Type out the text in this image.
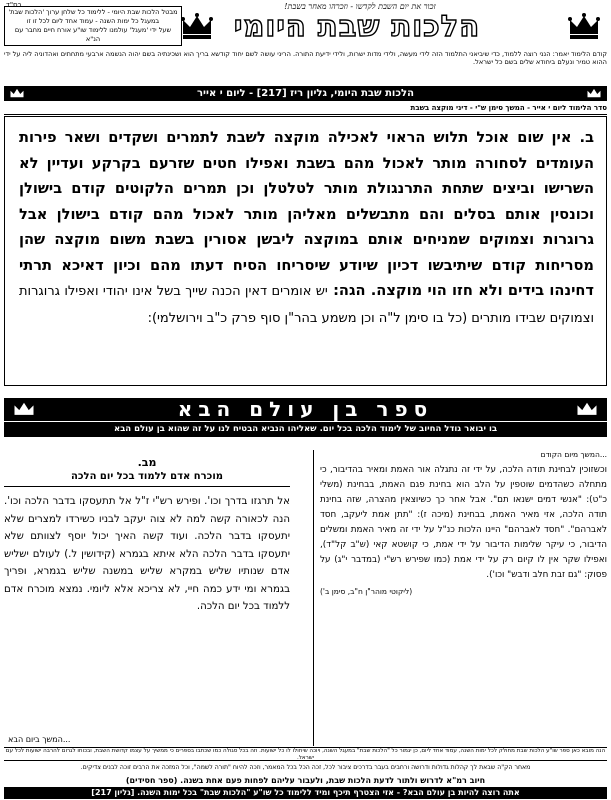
בס"ד	זכור את יום השבת לקדשו - וזכרהו מאחר בשבת!
הלכות שבת היומי
מבטל הלכות שבת היומי - ללימוד כל שלחן ערוך 'הלכות שבת'
במעגל כל ימות השנה - עמוד אחד ליום לכל זו זו
שעל ידי 'מעגל' עולמנו ללימוד שו"ע אורח חיים מחבר עם הנ"א
קודם הלימוד יאמר: הנני רוצה ללמוד, כדי שיביאני התלמוד הזה לידי מעשה, ולידי מדות ישרות, ולידי ידיעת התורה. הריני עושה לשם יחוד קודשא בריך הוא ושכינתיה בשם יהוה הנשמה ארבעי מתחתים ואהדוניה ליה על ידי ההוא טמיר ונעלם ביחודא שלים בשם כל ישראל.
הלכות שבת היומי, גליון ריז [217] - ליום י אייר
סדר הלימוד ליום י אייר - המשך סימן ש"י - דיני מוקצה בשבת
ב. אין שום אוכל תלוש הראוי לאכילה מוקצה לשבת לתמרים ושקדים ושאר פירות העומדים לסחורה מותר לאכול מהם בשבת ואפילו חטים שזרעם בקרקע ועדיין לא השרישו וביצים שתחת התרנגולת מותר לטלטלן וכן תמרים הלקוטים קודם בישולן וכונסין אותם בסלים והם מתבשלים מאליהן מותר לאכול מהם קודם בישולן אבל גרוגרות וצמוקים שמניחים אותם במוקצה ליבשן אסורין בשבת משום מוקצה שהן מסריחות קודם שיתיבשו דכיון שיודע שיסריחו הסיח דעתו מהם וכיון דאיכא תרתי דחינהו בידים ולא חזו הוי מוקצה. הגה: יש אומרים דאין הכנה שייך בשל אינו יהודי ואפילו גרוגרות וצמוקים שבידו מותרים (כל בו סימן ל"ה וכן משמע בהר"ן סוף פרק כ"ב וירושלמי):
ספר בן עולם הבא
בו יבואר גודל החיוב של לימוד הלכה בכל יום. שאליהו הנביא הבטיח לנו על זה שהוא בן עולם הבא
...המשך מיום הקודם
וכשזוכין לבחינת תודה הלכה, על ידי זה נתגלה אור האמת ומאיר בהדיבור, כי מתחלה כשהדמים שוטפין על הלב הוא בחינת פגם האמת, בבחינת (משלי כ"ט): "אנשי דמים ישנאו תם". אבל אחר כך כשיוצאין מהצרה, שזה בחינת תודה הלכה, אזי מאיר האמת, בבחינת (מיכה ז): "תתן אמת ליעקב, חסד לאברהם". "חסד לאברהם" היינו הלכות כנ"ל על ידי זה מאיר האמת ומשלים הדיבור, כי עיקר שלימות הדיבור על ידי אמת, כי קושטא קאי (ש"ב קל"ד), ואפילו שקר אין לו קיום רק על ידי אמת (כמו שפירש רש"י (במדבר י"ג) על פסוק: "גם זבת חלב ודבש" וכו').
(ליקוטי מוהר"ן ח"ב, סימן ב')
מב.
מוכרח אדם ללמוד בכל יום הלכה
אל תרגזו בדרך וכו'. ופירש רש"י ז"ל אל תתעסקו בדבר הלכה וכו'. הנה לכאורה קשה למה לא צוה יעקב לבניו כשירדו למצרים שלא יתעסקו בדבר הלכה. ועוד קשה האיך יכול יוסף לצוותם שלא יתעסקו בדבר הלכה הלא איתא בגמרא (קידושין ל.) לעולם ישליש אדם שנותיו שליש במקרא שליש במשנה שליש בגמרא, ופריך בגמרא ומי ידע כמה חיי, לא צריכא אלא ליומי. נמצא מוכרח אדם ללמוד בכל יום הלכה.
...המשך ביום הבא
הנה מובא כאן ספר שו"ע הלכות שבת מחולק לכל ימות השנה, עמוד אחד ליום, כן יגמור כל "הלכות שבת" במעגל השנה, ויוכה שיחולו לו כל ישועות. וזה בכל סגולה כמו שכתבו בספרים כי ממשיך על עצמו קדושת השבת, ובכוחו לגרום להרבה ישועות לכל עם ישראל.
מאחר הק"ה שבאת לך קהלות גדולות ודרושה ורחבים בעבר בדרכים ציבור לכל, זכה הכל בכל המאמר, וזכה להיוח "תורה לשמה", וכל המזכה את הרבים זוכה לבנים צדיקים.
חיוב רמ"א לדרוש ולתור לדעת הלכות שבת, ולעבור עליהם לפחות פעם אחת בשנה. (ספר חסידים)
אתה רוצה להיות בן עולם הבא? - אזי הצטרף תיכף ומיד ללימוד כל שו"ע "הלכות שבת" בכל ימות השנה. [גליון 217]
